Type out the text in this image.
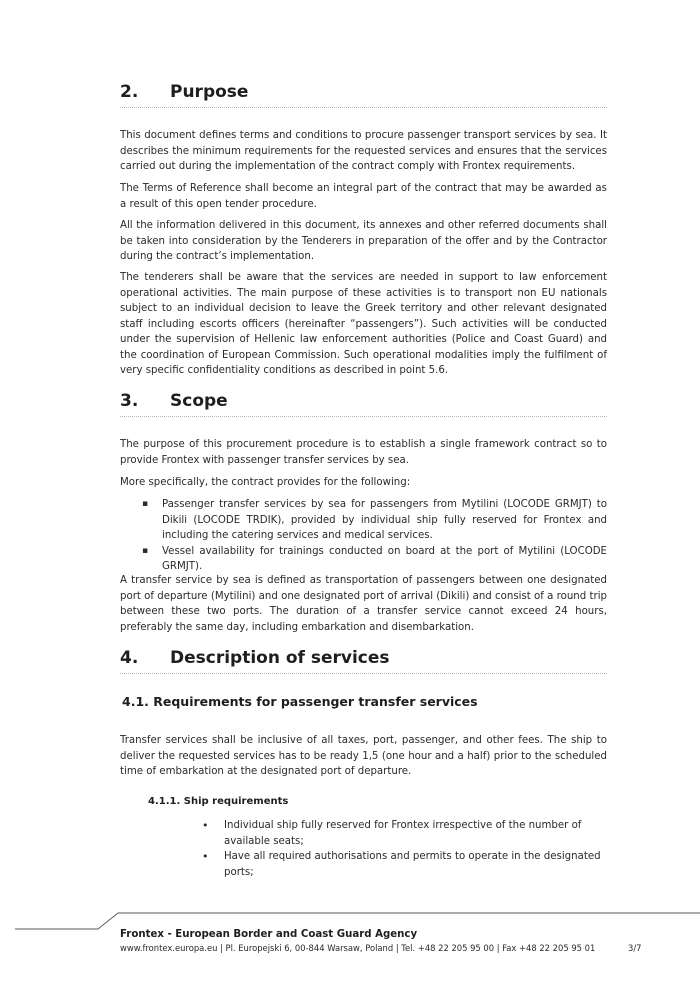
2. Purpose

This document defines terms and conditions to procure passenger transport services by sea. It describes the minimum requirements for the requested services and ensures that the services carried out during the implementation of the contract comply with Frontex requirements.

The Terms of Reference shall become an integral part of the contract that may be awarded as a result of this open tender procedure.

All the information delivered in this document, its annexes and other referred documents shall be taken into consideration by the Tenderers in preparation of the offer and by the Contractor during the contract’s implementation.

The tenderers shall be aware that the services are needed in support to law enforcement operational activities. The main purpose of these activities is to transport non EU nationals subject to an individual decision to leave the Greek territory and other relevant designated staff including escorts officers (hereinafter “passengers”). Such activities will be conducted under the supervision of Hellenic law enforcement authorities (Police and Coast Guard) and the coordination of European Commission. Such operational modalities imply the fulfilment of very specific confidentiality conditions as described in point 5.6.

3. Scope

The purpose of this procurement procedure is to establish a single framework contract so to provide Frontex with passenger transfer services by sea.

More specifically, the contract provides for the following:

▪ Passenger transfer services by sea for passengers from Mytilini (LOCODE GRMJT) to Dikili (LOCODE TRDIK), provided by individual ship fully reserved for Frontex and including the catering services and medical services.
▪ Vessel availability for trainings conducted on board at the port of Mytilini (LOCODE GRMJT).

A transfer service by sea is defined as transportation of passengers between one designated port of departure (Mytilini) and one designated port of arrival (Dikili) and consist of a round trip between these two ports. The duration of a transfer service cannot exceed 24 hours, preferably the same day, including embarkation and disembarkation.

4. Description of services
4.1. Requirements for passenger transfer services

Transfer services shall be inclusive of all taxes, port, passenger, and other fees. The ship to deliver the requested services has to be ready 1,5 (one hour and a half) prior to the scheduled time of embarkation at the designated port of departure.

4.1.1. Ship requirements
• Individual ship fully reserved for Frontex irrespective of the number of available seats;
• Have all required authorisations and permits to operate in the designated ports;
Frontex - European Border and Coast Guard Agency
www.frontex.europa.eu | Pl. Europejski 6, 00-844 Warsaw, Poland | Tel. +48 22 205 95 00 | Fax +48 22 205 95 01	3/7
